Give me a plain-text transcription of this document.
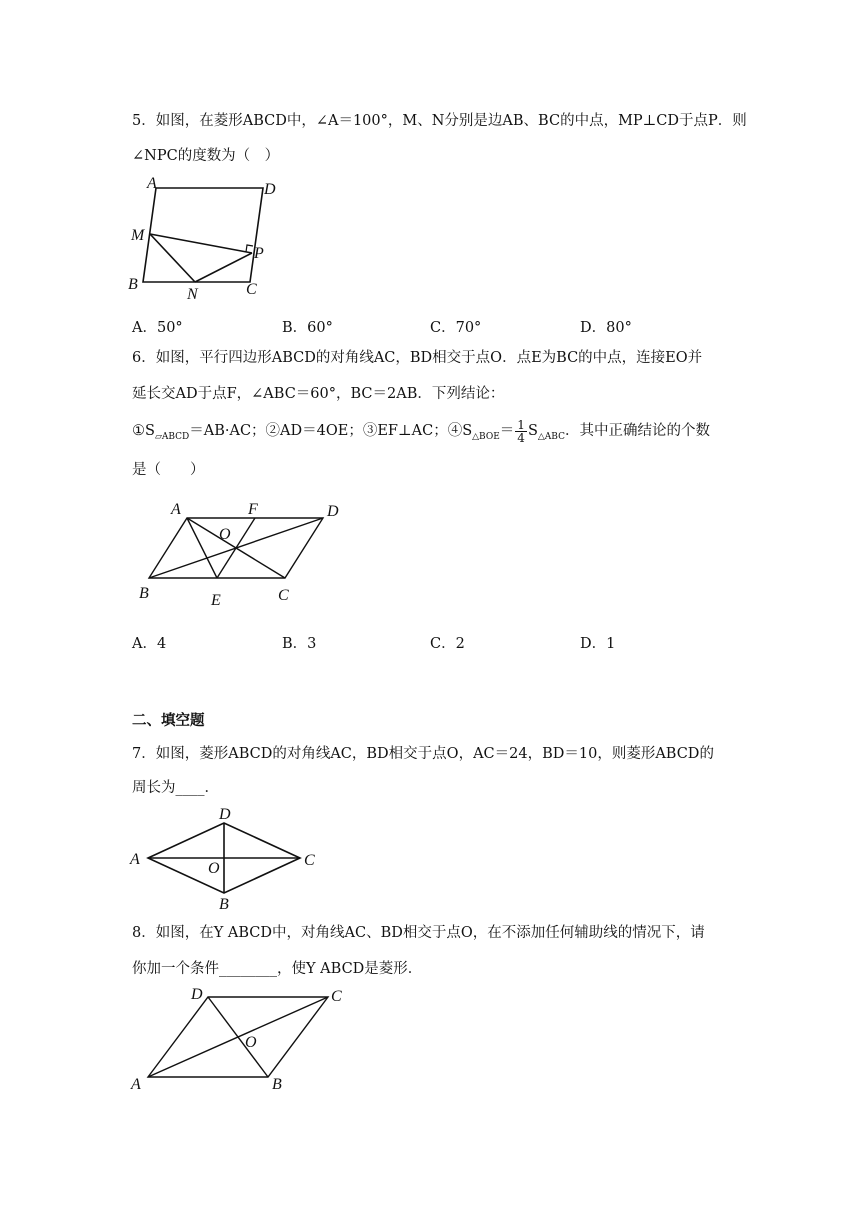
5．如图，在菱形ABCD中，∠A＝100°，M、N分别是边AB、BC的中点，MP⊥CD于点P．则
∠NPC的度数为（　）
A	D
M
P
B
N	C
A．50°	B．60°	C．70°	D．80°
6．如图，平行四边形ABCD的对角线AC，BD相交于点O．点E为BC的中点，连接EO并
延长交AD于点F，∠ABC＝60°，BC＝2AB．下列结论：
$①S_{▱ABCD}=AB\cdot AC$；②AD＝4OE；③EF⊥AC；$④S_{\triangle BOE}= \frac{1}{4} S_{\triangle ABC}$．其中正确结论的个数
是（　　）
A	F	D
O
B	E	C
A．4	B．3	C．2	D．1
二、填空题
7．如图，菱形ABCD的对角线AC，BD相交于点O，AC＝24，BD＝10，则菱形ABCD的
周长为____．
A
D
O	C
B
8．如图，在Y ABCD中，对角线AC、BD相交于点O，在不添加任何辅助线的情况下，请
你加一个条件________，使Y ABCD是菱形．
D	C
O
A	B
